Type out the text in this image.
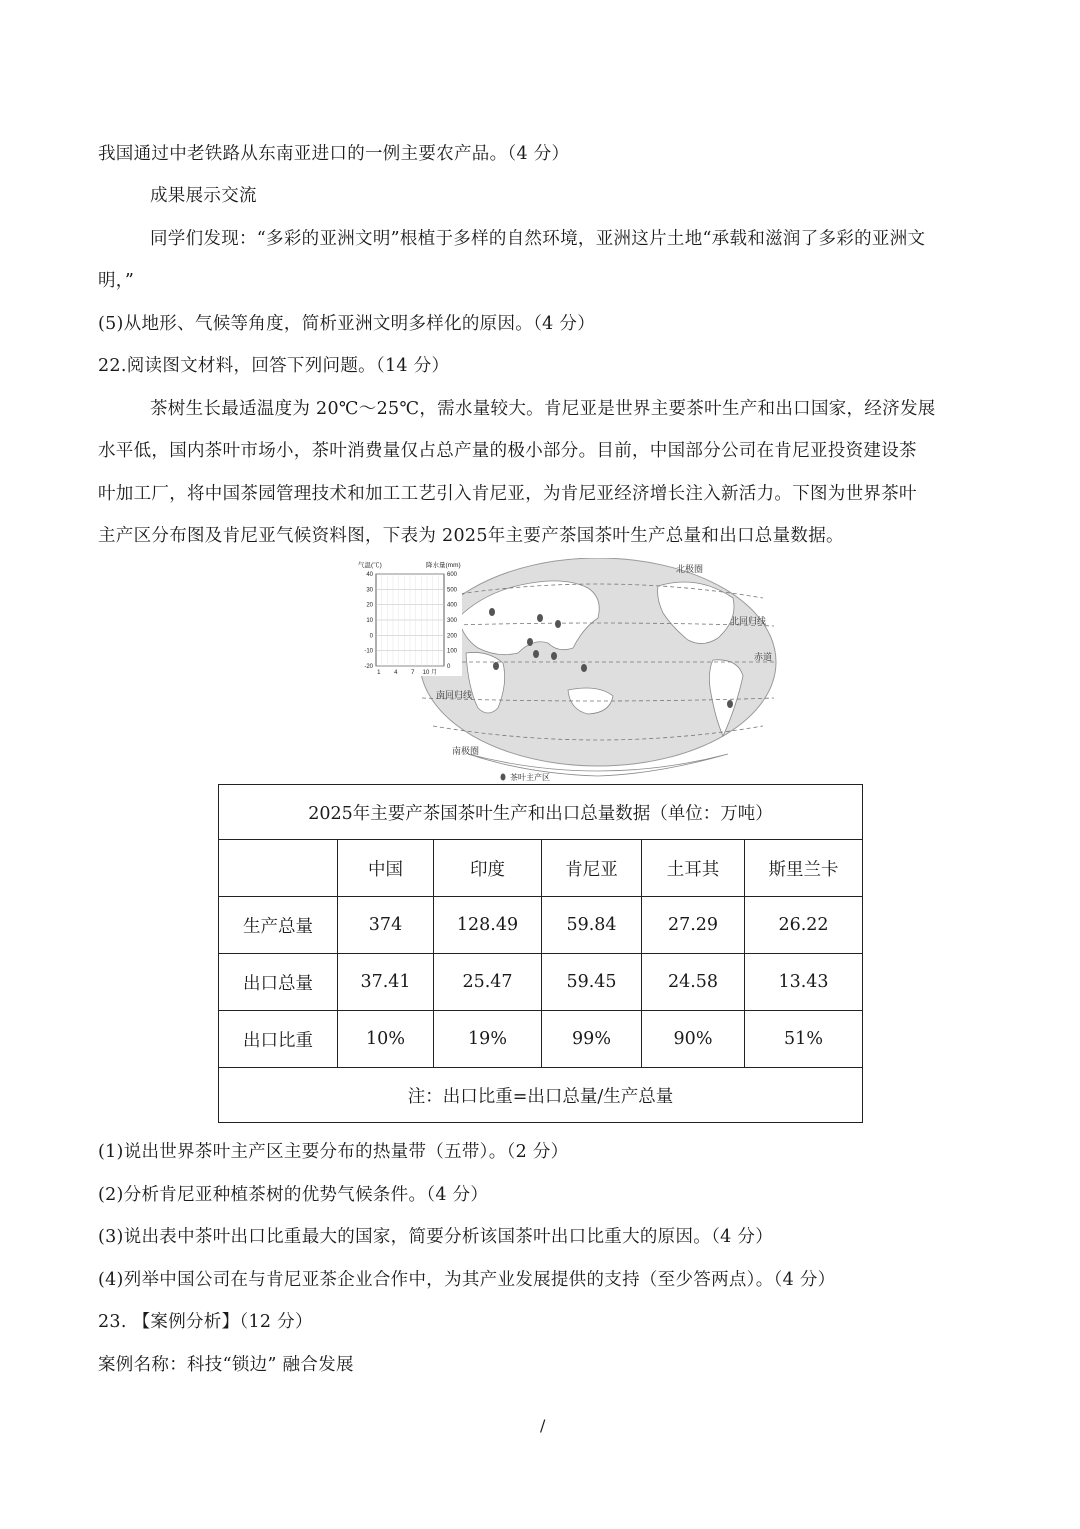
我国通过中老铁路从东南亚进口的一例主要农产品。（4 分）
成果展示交流
同学们发现：“多彩的亚洲文明”根植于多样的自然环境，亚洲这片土地“承载和滋润了多彩的亚洲文
明，”
(5)从地形、气候等角度，简析亚洲文明多样化的原因。（4 分）
22.阅读图文材料，回答下列问题。（14 分）
茶树生长最适温度为 20℃～25℃，需水量较大。肯尼亚是世界主要茶叶生产和出口国家，经济发展
水平低，国内茶叶市场小，茶叶消费量仅占总产量的极小部分。目前，中国部分公司在肯尼亚投资建设茶
叶加工厂，将中国茶园管理技术和加工工艺引入肯尼亚，为肯尼亚经济增长注入新活力。下图为世界茶叶
主产区分布图及肯尼亚气候资料图，下表为 2025年主要产茶国茶叶生产总量和出口总量数据。
北极圈
北回归线
赤道
南回归线
南极圈
气温(℃)	降水量(mm)
40	600
30	500
20	400
10	300
0	200
-10	100
-20	0
1 4 7 10 月
茶叶主产区
2025年主要产茶国茶叶生产和出口总量数据（单位：万吨）					
	中国	印度	肯尼亚	土耳其	斯里兰卡
生产总量	374	128.49	59.84	27.29	26.22
出口总量	37.41	25.47	59.45	24.58	13.43
出口比重	10%	19%	99%	90%	51%
注：出口比重=出口总量/生产总量					
(1)说出世界茶叶主产区主要分布的热量带（五带）。（2 分）
(2)分析肯尼亚种植茶树的优势气候条件。（4 分）
(3)说出表中茶叶出口比重最大的国家，简要分析该国茶叶出口比重大的原因。（4 分）
(4)列举中国公司在与肯尼亚茶企业合作中，为其产业发展提供的支持（至少答两点）。（4 分）
23. 【案例分析】（12 分）
案例名称：科技“锁边” 融合发展
/
